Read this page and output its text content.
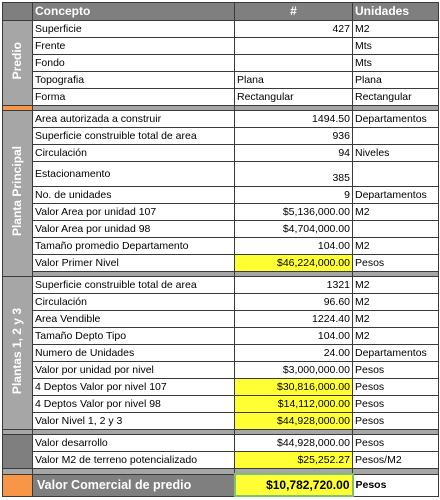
	Concepto	#	Unidades
Predio	Superficie	427	M2
	Frente		Mts
	Fondo		Mts
	Topografia	Plana	Plana
	Forma	Rectangular	Rectangular

Planta Principal	Area autorizada a construir	1494.50	Departamentos
	Superficie construible total de area	936	
	Circulación	94	Niveles
	Estacionamento	385	
	No. de unidades	9	Departamentos
	Valor Area por unidad 107	$5,136,000.00	M2
	Valor Area por unidad 98	$4,704,000.00	
	Tamaño promedio Departamento	104.00	M2
	Valor Primer Nivel	$46,224,000.00	Pesos

Plantas 1, 2 y 3	Superficie construible total de area	1321	M2
	Circulación	96.60	M2
	Area Vendible	1224.40	M2
	Tamaño Depto Tipo	104.00	M2
	Numero de Unidades	24.00	Departamentos
	Valor por unidad por nivel	$3,000,000.00	Pesos
	4 Deptos Valor por nivel 107	$30,816,000.00	Pesos
	4 Deptos Valor por nivel 98	$14,112,000.00	Pesos
	Valor Nivel 1, 2 y 3	$44,928,000.00	Pesos

	Valor desarrollo	$44,928,000.00	Pesos
	Valor M2 de terreno potencializado	$25,252.27	Pesos/M2

	Valor Comercial de predio	$10,782,720.00	Pesos
